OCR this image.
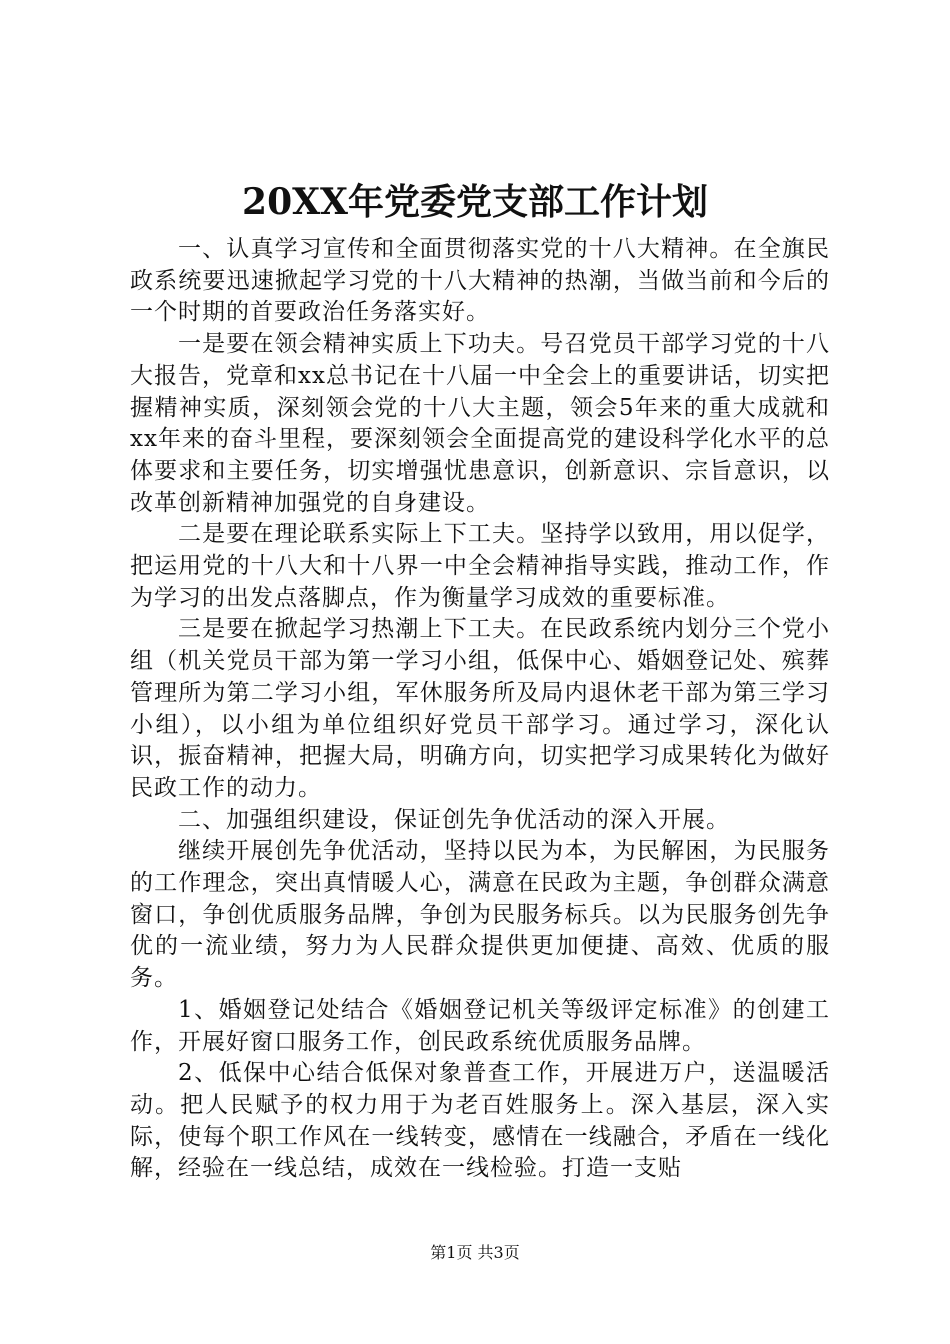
20XX年党委党支部工作计划

一、认真学习宣传和全面贯彻落实党的十八大精神。在全旗民政系统要迅速掀起学习党的十八大精神的热潮，当做当前和今后的一个时期的首要政治任务落实好。

一是要在领会精神实质上下功夫。号召党员干部学习党的十八大报告，党章和xx总书记在十八届一中全会上的重要讲话，切实把握精神实质，深刻领会党的十八大主题，领会5年来的重大成就和xx年来的奋斗里程，要深刻领会全面提高党的建设科学化水平的总体要求和主要任务，切实增强忧患意识，创新意识、宗旨意识，以改革创新精神加强党的自身建设。

二是要在理论联系实际上下工夫。坚持学以致用，用以促学，把运用党的十八大和十八界一中全会精神指导实践，推动工作，作为学习的出发点落脚点，作为衡量学习成效的重要标准。

三是要在掀起学习热潮上下工夫。在民政系统内划分三个党小组（机关党员干部为第一学习小组，低保中心、婚姻登记处、殡葬管理所为第二学习小组，军休服务所及局内退休老干部为第三学习小组），以小组为单位组织好党员干部学习。通过学习，深化认识，振奋精神，把握大局，明确方向，切实把学习成果转化为做好民政工作的动力。

二、加强组织建设，保证创先争优活动的深入开展。

继续开展创先争优活动，坚持以民为本，为民解困，为民服务的工作理念，突出真情暖人心，满意在民政为主题，争创群众满意窗口，争创优质服务品牌，争创为民服务标兵。以为民服务创先争优的一流业绩，努力为人民群众提供更加便捷、高效、优质的服务。

1、婚姻登记处结合《婚姻登记机关等级评定标准》的创建工作，开展好窗口服务工作，创民政系统优质服务品牌。

2、低保中心结合低保对象普查工作，开展进万户，送温暖活动。把人民赋予的权力用于为老百姓服务上。深入基层，深入实际，使每个职工作风在一线转变，感情在一线融合，矛盾在一线化解，经验在一线总结，成效在一线检验。打造一支贴

第1页 共3页
